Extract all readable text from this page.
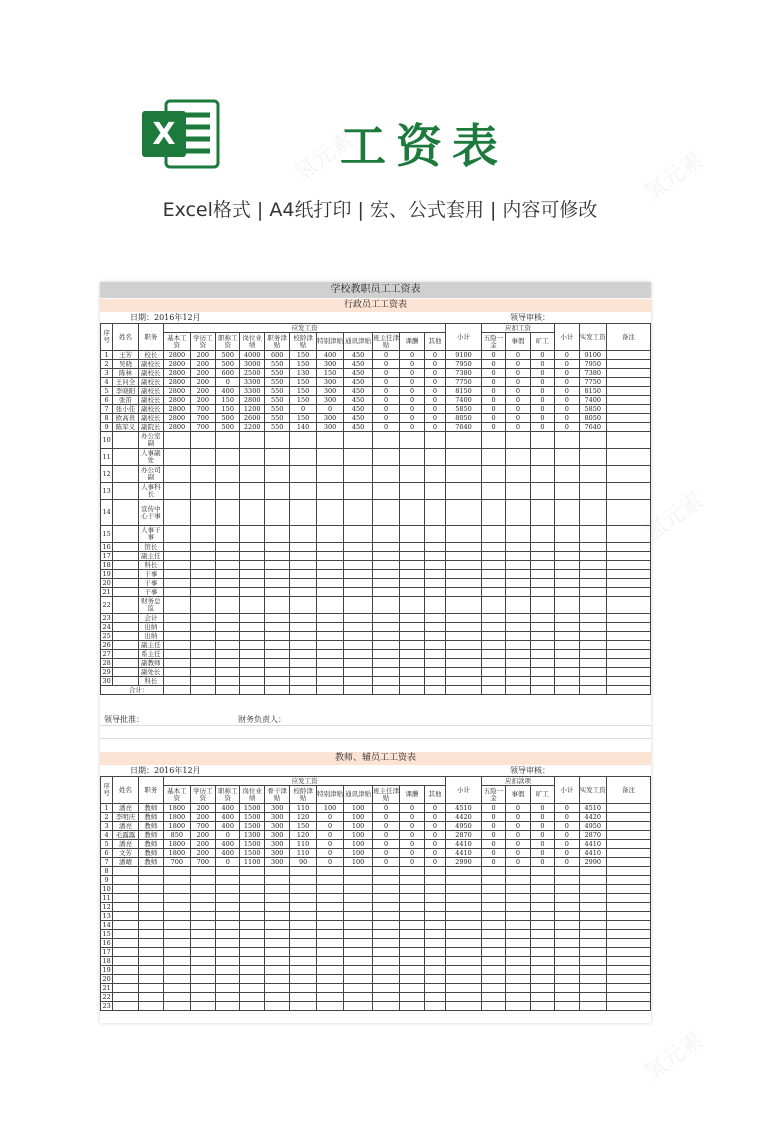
X	工资表
Excel格式 | A4纸打印 | 宏、公式套用 | 内容可修改
学校教职员工工资表
行政员工工资表
日期：2016年12月	领导审核：
序号	姓名	职务	应发工资											小计	应扣工资			小计	实发工资	备注
			基本工资	学历工资	职称工资	岗位业绩	职务津贴	校龄津贴	特别津贴	通讯津贴	班主任津贴	课酬	其他		五险一金	事假	旷工			
1	王芳	校长	2800	200	500	4000	600	150	400	450	0	0	0	9100	0	0	0	0	9100	
2	吴晓	副校长	2800	200	500	3000	550	150	300	450	0	0	0	7950	0	0	0	0	7950	
3	陈林	副校长	2800	200	600	2500	550	130	150	450	0	0	0	7380	0	0	0	0	7380	
4	王问全	副校长	2800	200	0	3300	550	150	300	450	0	0	0	7750	0	0	0	0	7750	
5	李晓阳	副校长	2800	200	400	3300	550	150	300	450	0	0	0	8150	0	0	0	0	8150	
6	张笛	副校长	2800	200	150	2800	550	150	300	450	0	0	0	7400	0	0	0	0	7400	
7	张小佳	副校长	2800	700	150	1200	550	0	0	450	0	0	0	5850	0	0	0	0	5850	
8	欧高贵	副校长	2800	700	500	2600	550	150	300	450	0	0	0	8050	0	0	0	0	8050	
9	陈军义	副院长	2800	700	500	2200	550	140	300	450	0	0	0	7640	0	0	0	0	7640	
10		办公室副																		
11		人事副处																		
12		办公司副																		
13		人事科长																		
14		宣传中心干事																		
15		人事干事																		
16		馆长																		
17		副主任																		
18		科长																		
19		干事																		
20		干事																		
21		干事																		
22		财务总监																		
23		会计																		
24		出纳																		
25		出纳																		
26		副主任																		
27		系主任																		
28		副教师																		
29		副处长																		
30		科长																		
合计：																				
领导批准：	财务负责人：
教师、辅员工工资表
日期：2016年12月	领导审核：
序号	姓名	职务	应发工资											小计	应扣款项			小计	实发工资	备注
			基本工资	学历工资	职称工资	岗位业绩	骨干津贴	校龄津贴	特别津贴	通讯津贴	班主任津贴	课酬	其他		五险一金	事假	旷工			
1	潘亮	教师	1800	200	400	1500	300	110	100	100	0	0	0	4510	0	0	0	0	4510	
2	李明庆	教师	1800	200	400	1500	300	120	0	100	0	0	0	4420	0	0	0	0	4420	
3	潘亮	教师	1800	700	400	1500	300	150	0	100	0	0	0	4950	0	0	0	0	4950	
4	毛露露	教师	850	200	0	1300	300	120	0	100	0	0	0	2870	0	0	0	0	2870	
5	潘亮	教师	1800	200	400	1500	300	110	0	100	0	0	0	4410	0	0	0	0	4410	
6	文芳	教师	1800	200	400	1500	300	110	0	100	0	0	0	4410	0	0	0	0	4410	
7	潘晴	教师	700	700	0	1100	300	90	0	100	0	0	0	2990	0	0	0	0	2990	
8																				
9																				
10																				
11																				
12																				
13																				
14																				
15																				
16																				
17																				
18																				
19																				
20																				
21																				
22																				
23																				
氢元素	氢元素
氢元素
氢元素
